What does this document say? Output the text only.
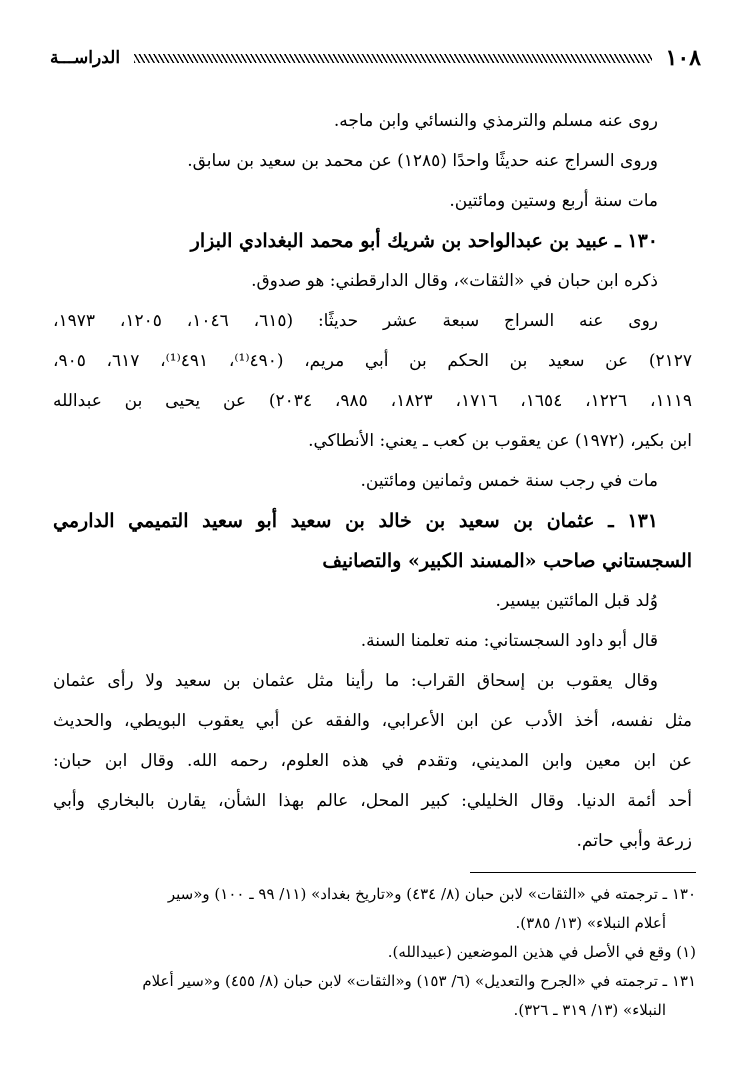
١٠٨
الدراســـة
روى عنه مسلم والترمذي والنسائي وابن ماجه.
وروى السراج عنه حديثًا واحدًا (١٢٨٥) عن محمد بن سعيد بن سابق.
مات سنة أربع وستين ومائتين.
١٣٠ ـ عبيد بن عبدالواحد بن شريك أبو محمد البغدادي البزار
ذكره ابن حبان في «الثقات»، وقال الدارقطني: هو صدوق.
روى عنه السراج سبعة عشر حديثًا: (٦١٥، ١٠٤٦، ١٢٠٥، ١٩٧٣،
٢١٢٧) عن سعيد بن الحكم بن أبي مريم، (٤٩٠⁽¹⁾، ٤٩١⁽¹⁾، ٦١٧، ٩٠٥،
١١١٩، ١٢٢٦، ١٦٥٤، ١٧١٦، ١٨٢٣، ٩٨٥، ٢٠٣٤) عن يحيى بن عبدالله
ابن بكير، (١٩٧٢) عن يعقوب بن كعب ـ يعني: الأنطاكي.
مات في رجب سنة خمس وثمانين ومائتين.
١٣١ ـ عثمان بن سعيد بن خالد بن سعيد أبو سعيد التميمي الدارمي
السجستاني صاحب «المسند الكبير» والتصانيف
وُلد قبل المائتين بيسير.
قال أبو داود السجستاني: منه تعلمنا السنة.
وقال يعقوب بن إسحاق القراب: ما رأينا مثل عثمان بن سعيد ولا رأى عثمان
مثل نفسه، أخذ الأدب عن ابن الأعرابي، والفقه عن أبي يعقوب البويطي، والحديث
عن ابن معين وابن المديني، وتقدم في هذه العلوم، رحمه الله. وقال ابن حبان:
أحد أئمة الدنيا. وقال الخليلي: كبير المحل، عالم بهذا الشأن، يقارن بالبخاري وأبي
زرعة وأبي حاتم.
١٣٠ ـ ترجمته في «الثقات» لابن حبان (٨/ ٤٣٤) و«تاريخ بغداد» (١١/ ٩٩ ـ ١٠٠) و«سير
أعلام النبلاء» (١٣/ ٣٨٥).
(١) وقع في الأصل في هذين الموضعين (عبيدالله).
١٣١ ـ ترجمته في «الجرح والتعديل» (٦/ ١٥٣) و«الثقات» لابن حبان (٨/ ٤٥٥) و«سير أعلام
النبلاء» (١٣/ ٣١٩ ـ ٣٢٦).
